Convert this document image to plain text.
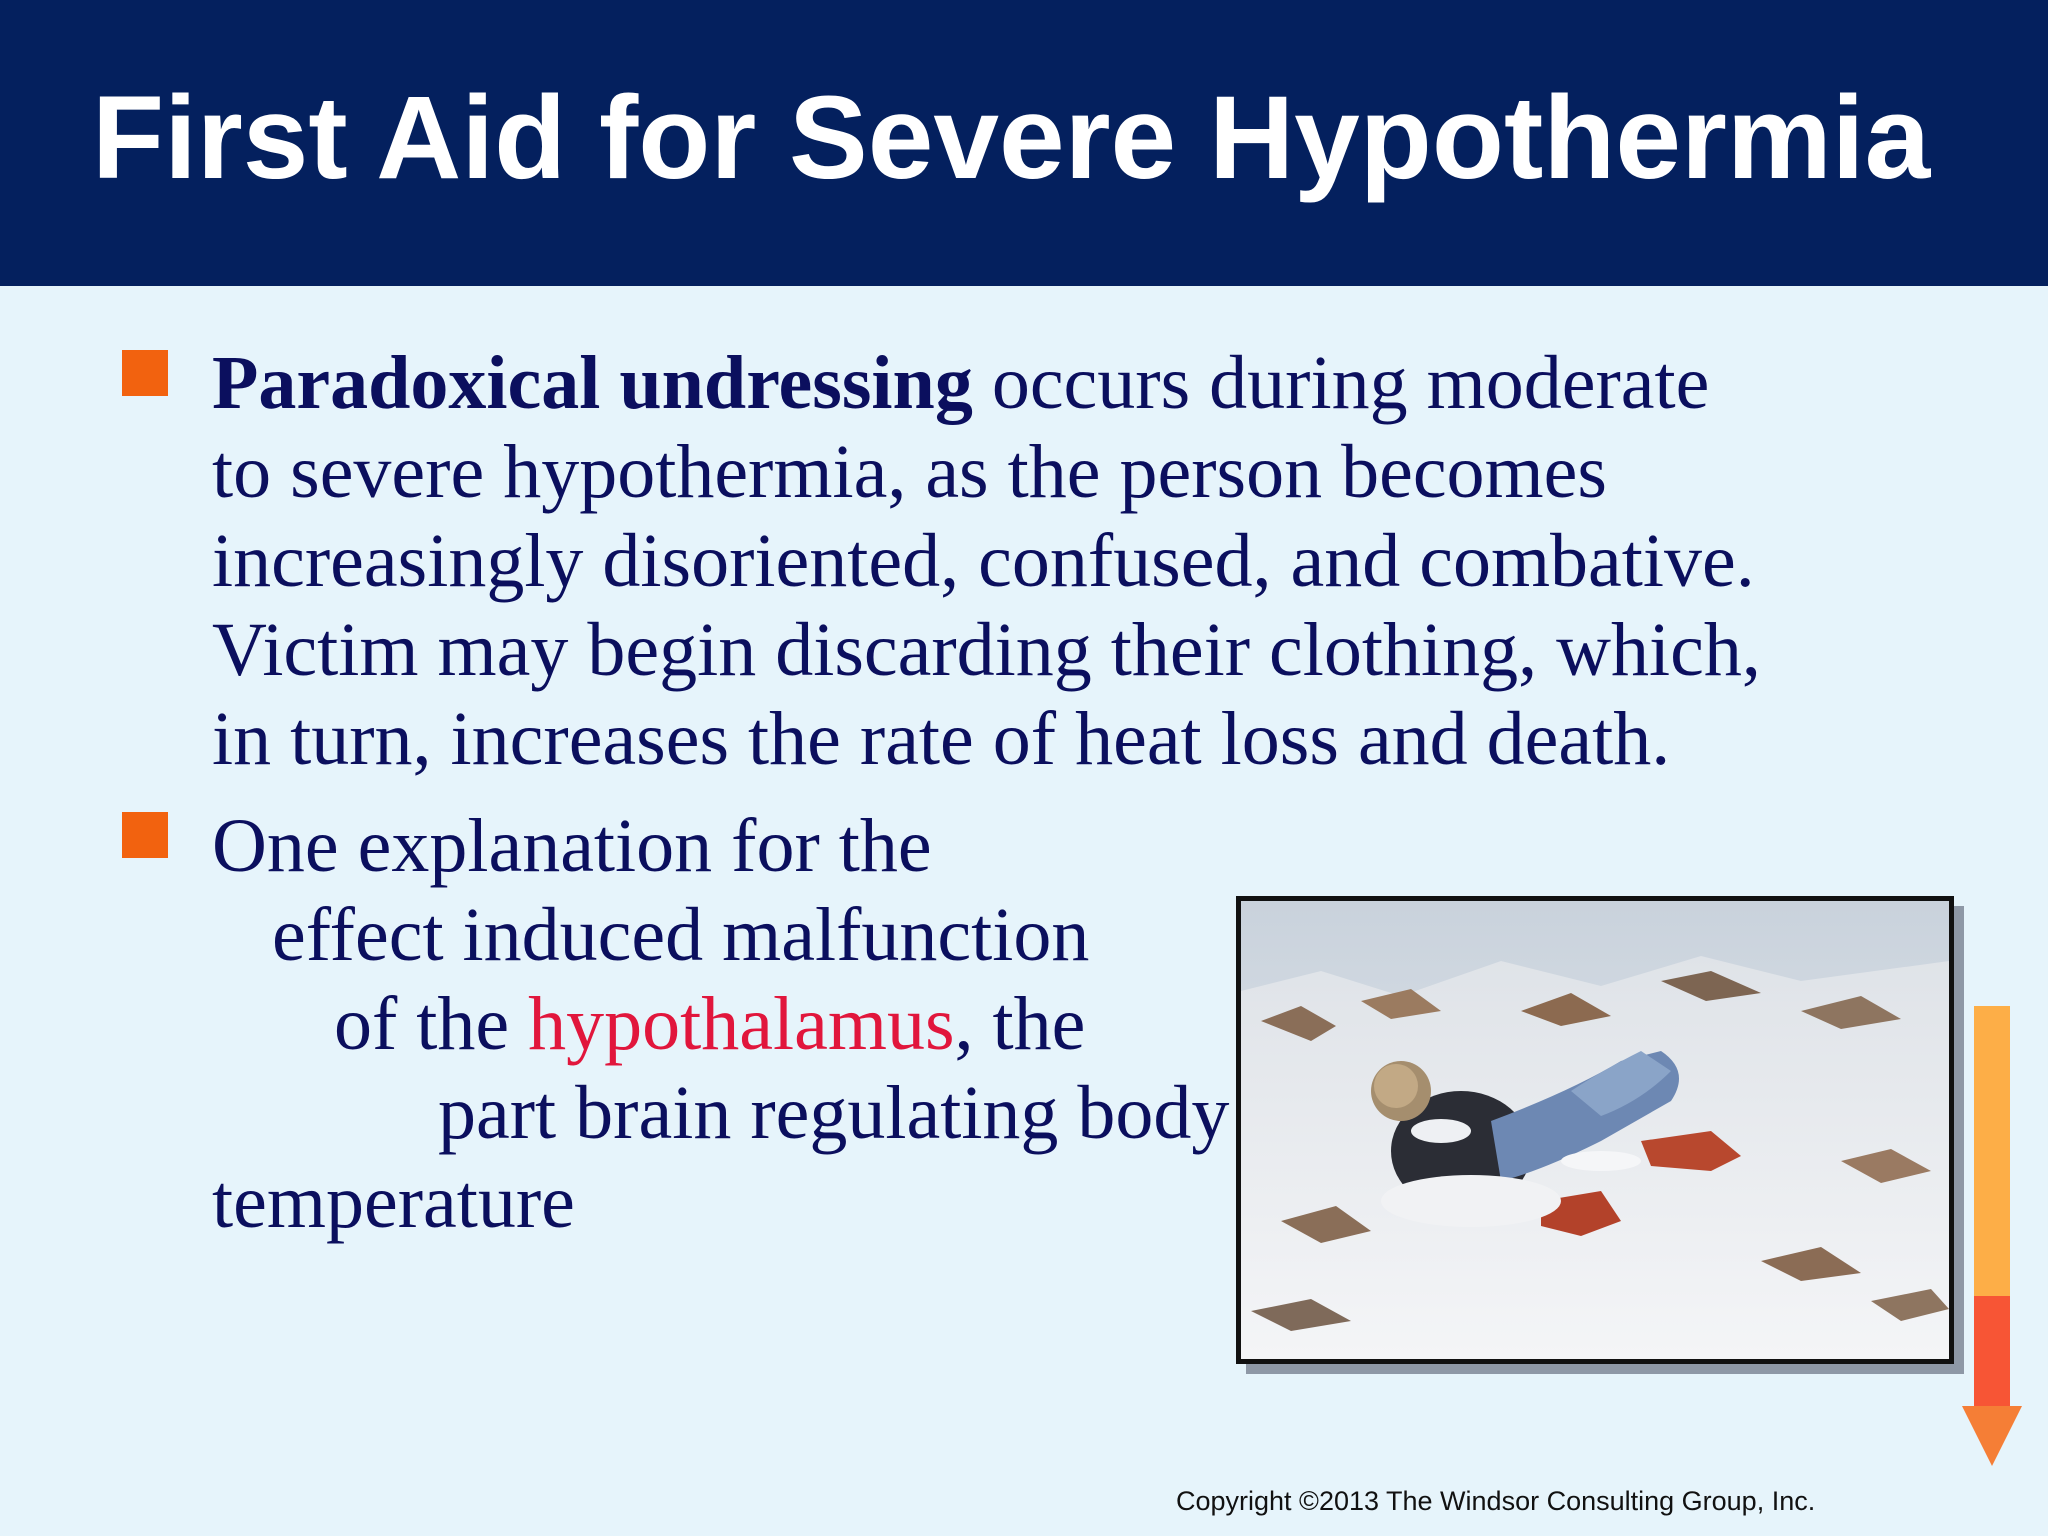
First Aid for Severe Hypothermia
Paradoxical undressing occurs during moderate
to severe hypothermia, as the person becomes
increasingly disoriented, confused, and combative.
Victim may begin discarding their clothing, which,
in turn, increases the rate of heat loss and death.
One explanation for the
effect induced malfunction
of the hypothalamus, the
part brain regulating body
temperature
Copyright ©2013 The Windsor Consulting Group, Inc.
